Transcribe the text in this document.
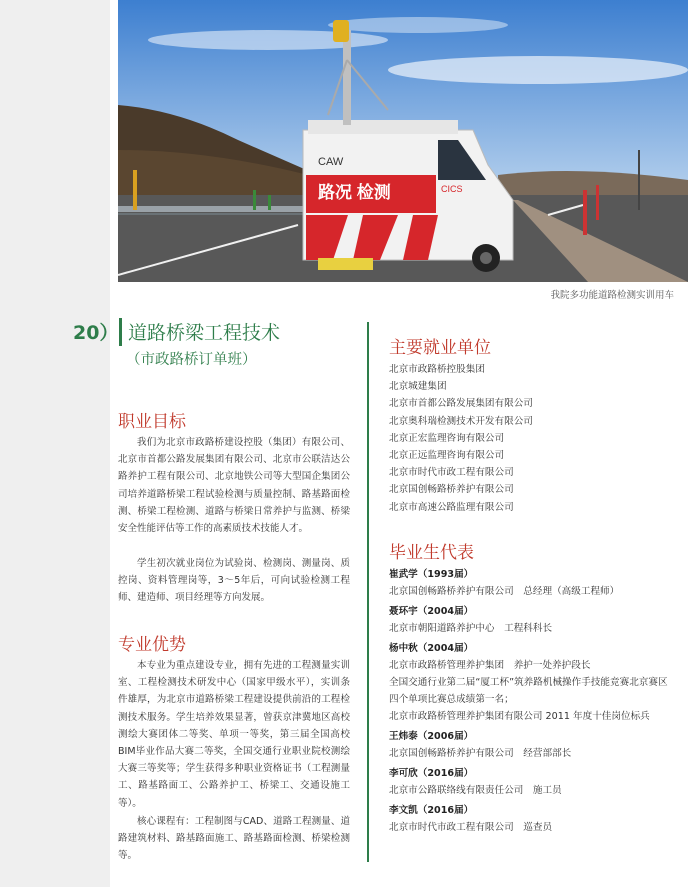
路况 检测
CAW
CICS
我院多功能道路检测实训用车
20） 道路桥梁工程技术
（市政路桥订单班）
职业目标

我们为北京市政路桥建设控股（集团）有限公司、北京市首都公路发展集团有限公司、北京市公联洁达公路养护工程有限公司、北京地铁公司等大型国企集团公司培养道路桥梁工程试验检测与质量控制、路基路面检测、桥梁工程检测、道路与桥梁日常养护与监测、桥梁安全性能评估等工作的高素质技术技能人才。

学生初次就业岗位为试验岗、检测岗、测量岗、质控岗、资料管理岗等，3～5年后，可向试验检测工程师、建造师、项目经理等方向发展。

专业优势

本专业为重点建设专业，拥有先进的工程测量实训室、工程检测技术研发中心（国家甲级水平），实训条件雄厚，为北京市道路桥梁工程建设提供前沿的工程检测技术服务。学生培养效果显著，曾获京津冀地区高校测绘大赛团体二等奖、单项一等奖，第三届全国高校BIM毕业作品大赛二等奖，全国交通行业职业院校测绘大赛三等奖等；学生获得多种职业资格证书（工程测量工、路基路面工、公路养护工、桥梁工、交通设施工等）。

核心课程有：工程制图与CAD、道路工程测量、道路建筑材料、路基路面施工、路基路面检测、桥梁检测等。

主要就业单位
北京市政路桥控股集团
北京城建集团
北京市首都公路发展集团有限公司
北京奥科瑞检测技术开发有限公司
北京正宏监理咨询有限公司
北京正远监理咨询有限公司
北京市时代市政工程有限公司
北京国创畅路桥养护有限公司
北京市高速公路监理有限公司
毕业生代表
崔武学（1993届）
北京国创畅路桥养护有限公司　总经理（高级工程师）
聂环宇（2004届）
北京市朝阳道路养护中心　工程科科长
杨中秋（2004届）
北京市政路桥管理养护集团　养护一处养护段长
全国交通行业第二届“厦工杯”筑养路机械操作手技能竞赛北京赛区四个单项比赛总成绩第一名；
北京市政路桥管理养护集团有限公司 2011 年度十佳岗位标兵
王炜泰（2006届）
北京国创畅路桥养护有限公司　经营部部长
李可欣（2016届）
北京市公路联络线有限责任公司　施工员
李文凯（2016届）
北京市时代市政工程有限公司　巡查员
